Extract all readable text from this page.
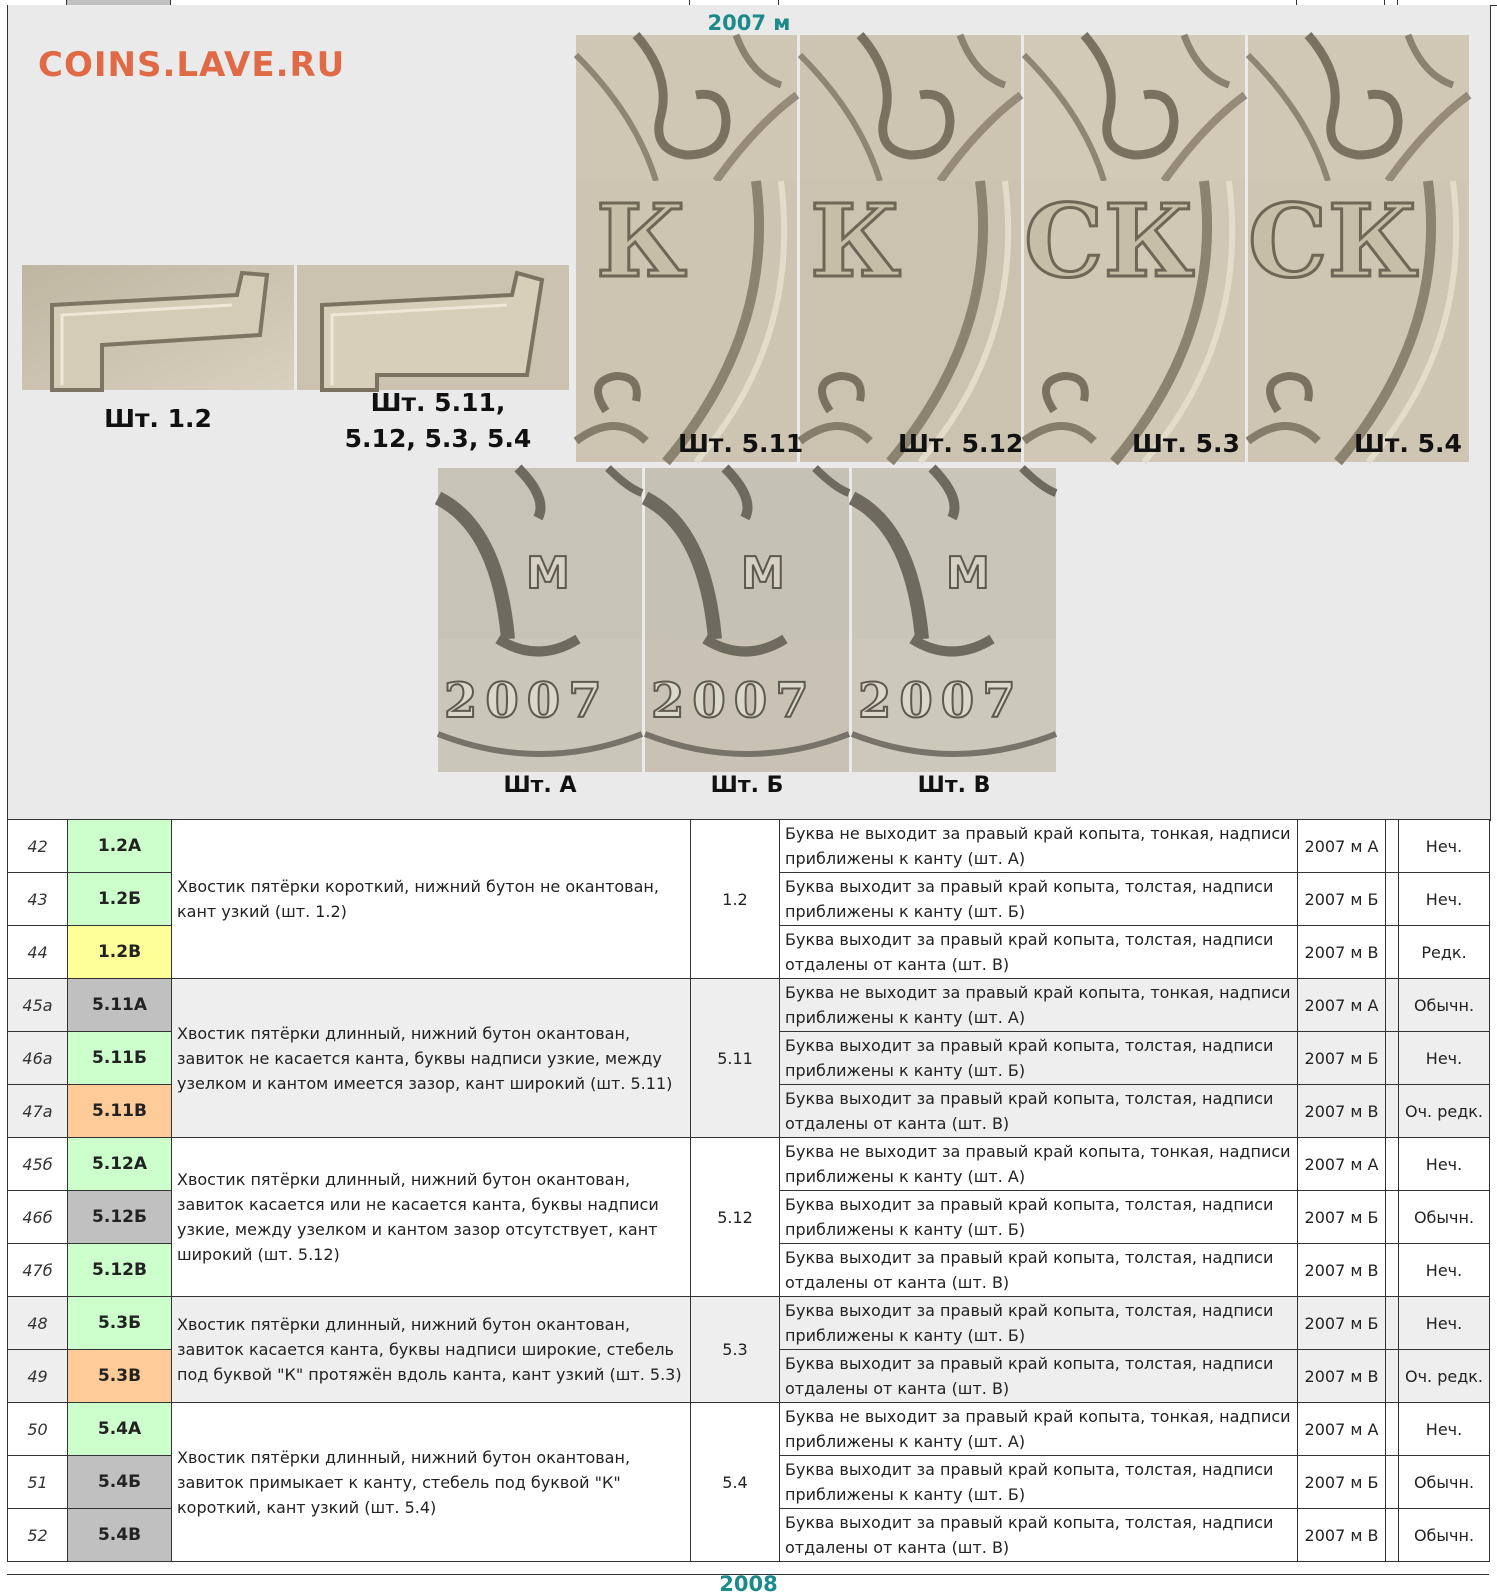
2007 м
COINS.LAVE.RU
Шт. 1.2
Шт. 5.11,
5.12, 5.3, 5.4
К К СК СК
Шт. 5.11	Шт. 5.12	Шт. 5.3	Шт. 5.4
М	М	М
2007 2007 2007
Шт. А	Шт. Б	Шт. В
42	1.2А	Хвостик пятёрки короткий, нижний бутон не окантован, кант узкий (шт. 1.2)	1.2	Буква не выходит за правый край копыта, тонкая, надписи приближены к канту (шт. А)	2007 м А		Неч.
43	1.2Б			Буква выходит за правый край копыта, толстая, надписи приближены к канту (шт. Б)	2007 м Б		Неч.
44	1.2В			Буква выходит за правый край копыта, толстая, надписи отдалены от канта (шт. В)	2007 м В		Редк.
45а	5.11А	Хвостик пятёрки длинный, нижний бутон окантован, завиток не касается канта, буквы надписи узкие, между узелком и кантом имеется зазор, кант широкий (шт. 5.11)	5.11	Буква не выходит за правый край копыта, тонкая, надписи приближены к канту (шт. А)	2007 м А		Обычн.
46а	5.11Б			Буква выходит за правый край копыта, толстая, надписи приближены к канту (шт. Б)	2007 м Б		Неч.
47а	5.11В			Буква выходит за правый край копыта, толстая, надписи отдалены от канта (шт. В)	2007 м В		Оч. редк.
45б	5.12А	Хвостик пятёрки длинный, нижний бутон окантован, завиток касается или не касается канта, буквы надписи узкие, между узелком и кантом зазор отсутствует, кант широкий (шт. 5.12)	5.12	Буква не выходит за правый край копыта, тонкая, надписи приближены к канту (шт. А)	2007 м А		Неч.
46б	5.12Б			Буква выходит за правый край копыта, толстая, надписи приближены к канту (шт. Б)	2007 м Б		Обычн.
47б	5.12В			Буква выходит за правый край копыта, толстая, надписи отдалены от канта (шт. В)	2007 м В		Неч.
48	5.3Б	Хвостик пятёрки длинный, нижний бутон окантован, завиток касается канта, буквы надписи широкие, стебель под буквой "К" протяжён вдоль канта, кант узкий (шт. 5.3)	5.3	Буква выходит за правый край копыта, толстая, надписи приближены к канту (шт. Б)	2007 м Б		Неч.
49	5.3В			Буква выходит за правый край копыта, толстая, надписи отдалены от канта (шт. В)	2007 м В		Оч. редк.
50	5.4А	Хвостик пятёрки длинный, нижний бутон окантован, завиток примыкает к канту, стебель под буквой "К" короткий, кант узкий (шт. 5.4)	5.4	Буква не выходит за правый край копыта, тонкая, надписи приближены к канту (шт. А)	2007 м А		Неч.
51	5.4Б			Буква выходит за правый край копыта, толстая, надписи приближены к канту (шт. Б)	2007 м Б		Обычн.
52	5.4В			Буква выходит за правый край копыта, толстая, надписи отдалены от канта (шт. В)	2007 м В		Обычн.
2008
